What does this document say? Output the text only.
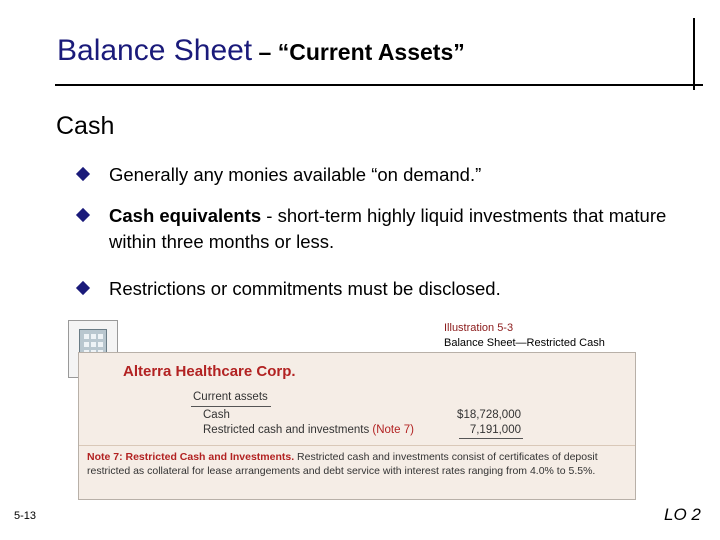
Balance Sheet – “Current Assets”
Cash
Generally any monies available “on demand.”
Cash equivalents - short-term highly liquid investments that mature within three months or less.
Restrictions or commitments must be disclosed.
Illustration 5-3
Balance Sheet—Restricted Cash
Alterra Healthcare Corp.
Current assets
Cash	$18,728,000
Restricted cash and investments (Note 7)	7,191,000
Note 7: Restricted Cash and Investments. Restricted cash and investments consist of certificates of deposit restricted as collateral for lease arrangements and debt service with interest rates ranging from 4.0% to 5.5%.
5-13	LO 2
